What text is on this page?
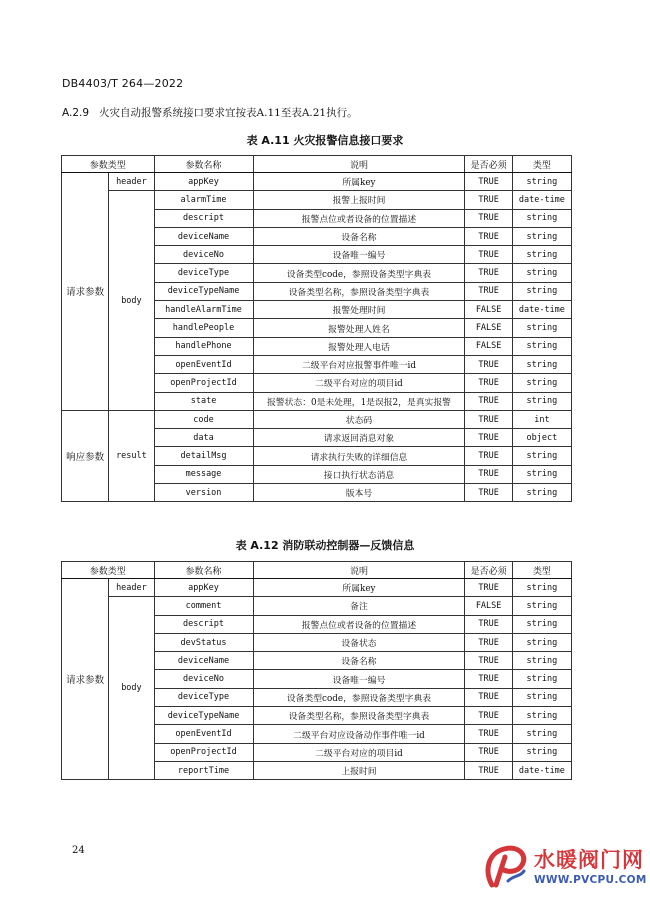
DB4403/T 264—2022
A.2.9 火灾自动报警系统接口要求宜按表A.11至表A.21执行。
表 A.11 火灾报警信息接口要求
参数类型		参数名称	说明	是否必须	类型
请求参数	header	appKey	所属key	TRUE	string
	body	alarmTime	报警上报时间	TRUE	date-time
		descript	报警点位或者设备的位置描述	TRUE	string
		deviceName	设备名称	TRUE	string
		deviceNo	设备唯一编号	TRUE	string
		deviceType	设备类型code，参照设备类型字典表	TRUE	string
		deviceTypeName	设备类型名称，参照设备类型字典表	TRUE	string
		handleAlarmTime	报警处理时间	FALSE	date-time
		handlePeople	报警处理人姓名	FALSE	string
		handlePhone	报警处理人电话	FALSE	string
		openEventId	二级平台对应报警事件唯一id	TRUE	string
		openProjectId	二级平台对应的项目id	TRUE	string
		state	报警状态：0是未处理，1是误报2，是真实报警	TRUE	string
响应参数	result	code	状态码	TRUE	int
		data	请求返回消息对象	TRUE	object
		detailMsg	请求执行失败的详细信息	TRUE	string
		message	接口执行状态消息	TRUE	string
		version	版本号	TRUE	string
表 A.12 消防联动控制器—反馈信息
参数类型		参数名称	说明	是否必须	类型
请求参数	header	appKey	所属key	TRUE	string
	body	comment	备注	FALSE	string
		descript	报警点位或者设备的位置描述	TRUE	string
		devStatus	设备状态	TRUE	string
		deviceName	设备名称	TRUE	string
		deviceNo	设备唯一编号	TRUE	string
		deviceType	设备类型code，参照设备类型字典表	TRUE	string
		deviceTypeName	设备类型名称，参照设备类型字典表	TRUE	string
		openEventId	二级平台对应设备动作事件唯一id	TRUE	string
		openProjectId	二级平台对应的项目id	TRUE	string
		reportTime	上报时间	TRUE	date-time
24	水暖阀门网
WWW.PVCPU.COM
